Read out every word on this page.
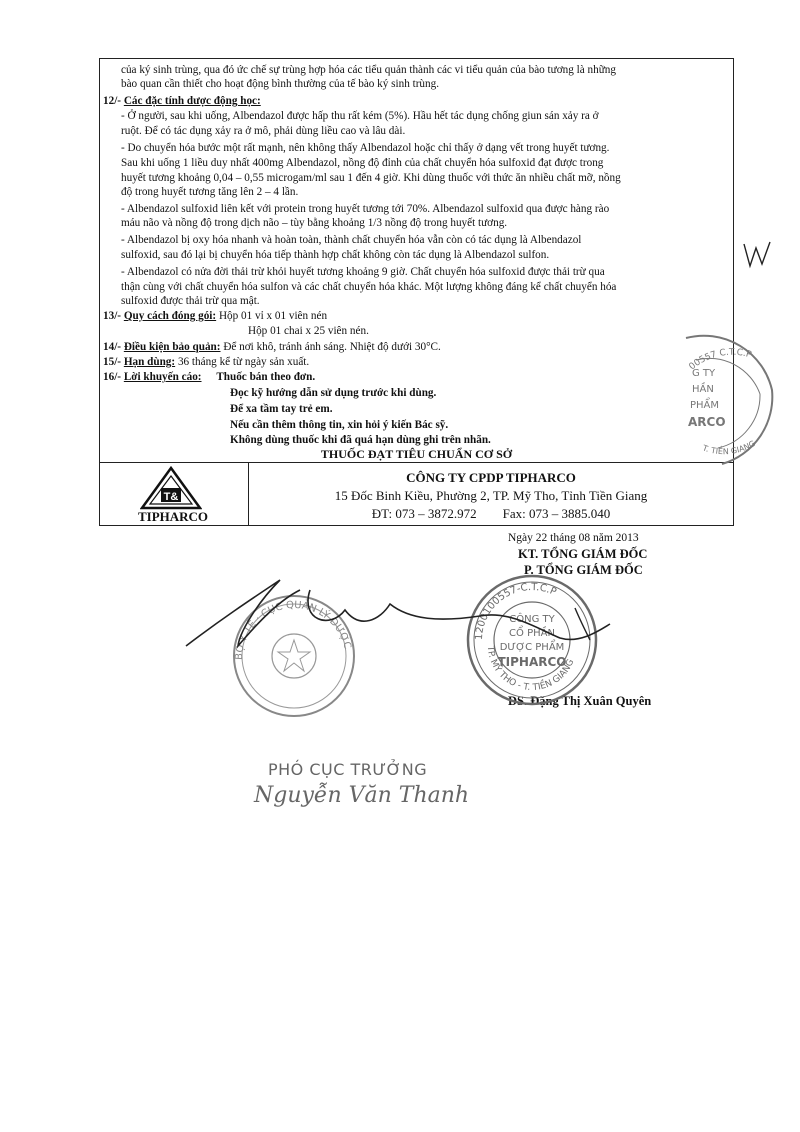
của ký sinh trùng, qua đó ức chế sự trùng hợp hóa các tiểu quản thành các vi tiểu quản của bào tương là những
bào quan cần thiết cho hoạt động bình thường của tế bào ký sinh trùng.
12/- Các đặc tính dược động học:
- Ở người, sau khi uống, Albendazol được hấp thu rất kém (5%). Hầu hết tác dụng chống giun sán xảy ra ở
ruột. Để có tác dụng xảy ra ở mô, phải dùng liều cao và lâu dài.
- Do chuyển hóa bước một rất mạnh, nên không thấy Albendazol hoặc chỉ thấy ở dạng vết trong huyết tương.
Sau khi uống 1 liều duy nhất 400mg Albendazol, nồng độ đỉnh của chất chuyển hóa sulfoxid đạt được trong
huyết tương khoảng 0,04 – 0,55 microgam/ml sau 1 đến 4 giờ. Khi dùng thuốc với thức ăn nhiều chất mỡ, nồng
độ trong huyết tương tăng lên 2 – 4 lần.
- Albendazol sulfoxid liên kết với protein trong huyết tương tới 70%. Albendazol sulfoxid qua được hàng rào
máu não và nồng độ trong dịch não – tùy bằng khoảng 1/3 nồng độ trong huyết tương.
- Albendazol bị oxy hóa nhanh và hoàn toàn, thành chất chuyển hóa vẫn còn có tác dụng là Albendazol
sulfoxid, sau đó lại bị chuyển hóa tiếp thành hợp chất không còn tác dụng là Albendazol sulfon.
- Albendazol có nửa đời thải trừ khỏi huyết tương khoảng 9 giờ. Chất chuyển hóa sulfoxid được thải trừ qua
thận cùng với chất chuyển hóa sulfon và các chất chuyển hóa khác. Một lượng không đáng kể chất chuyển hóa
sulfoxid được thải trừ qua mật.
13/- Quy cách đóng gói: Hộp 01 vỉ x 01 viên nén
Hộp 01 chai x 25 viên nén.
14/- Điều kiện bảo quản: Để nơi khô, tránh ánh sáng. Nhiệt độ dưới 30°C.
15/- Hạn dùng: 36 tháng kể từ ngày sản xuất.
16/- Lời khuyến cáo: Thuốc bán theo đơn.
Đọc kỹ hướng dẫn sử dụng trước khi dùng.
Để xa tầm tay trẻ em.
Nếu cần thêm thông tin, xin hỏi ý kiến Bác sỹ.
Không dùng thuốc khi đã quá hạn dùng ghi trên nhãn.
THUỐC ĐẠT TIÊU CHUẨN CƠ SỞ
T&
TIPHARCO
CÔNG TY CPDP TIPHARCO
15 Đốc Binh Kiều, Phường 2, TP. Mỹ Tho, Tỉnh Tiền Giang
ĐT: 073 – 3872.972        Fax: 073 – 3885.040
Ngày 22 tháng 08 năm 2013
KT. TỔNG GIÁM ĐỐC
P. TỔNG GIÁM ĐỐC
DS. Đặng Thị Xuân Quyên
1200100557-C.T.C.P
TP. MỸ THO - T. TIỀN GIANG
CÔNG TY
CỔ PHẦN
DƯỢC PHẨM
TIPHARCO
BỘ Y TẾ · CỤC QUẢN LÝ DƯỢC
00557 C.T.C.P
G TY
HẦN
PHẨM
ARCO
T. TIỀN GIANG
PHÓ CỤC TRƯỞNG
Nguyễn Văn Thanh
